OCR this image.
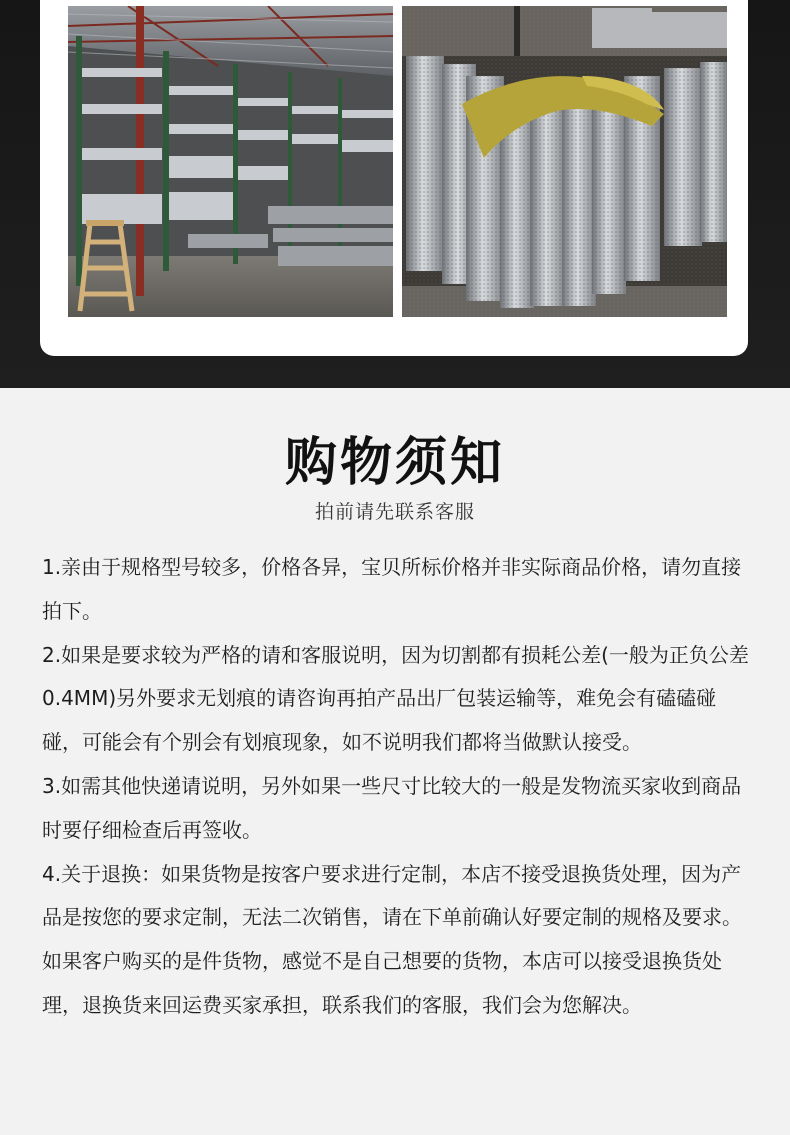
购物须知
拍前请先联系客服

1.亲由于规格型号较多，价格各异，宝贝所标价格并非实际商品价格，请勿直接拍下。

2.如果是要求较为严格的请和客服说明，因为切割都有损耗公差(一般为正负公差0.4MM)另外要求无划痕的请咨询再拍产品出厂包装运输等，难免会有磕磕碰碰，可能会有个别会有划痕现象，如不说明我们都将当做默认接受。

3.如需其他快递请说明，另外如果一些尺寸比较大的一般是发物流买家收到商品时要仔细检查后再签收。

4.关于退换：如果货物是按客户要求进行定制，本店不接受退换货处理，因为产品是按您的要求定制，无法二次销售，请在下单前确认好要定制的规格及要求。如果客户购买的是件货物，感觉不是自己想要的货物，本店可以接受退换货处理，退换货来回运费买家承担，联系我们的客服，我们会为您解决。
